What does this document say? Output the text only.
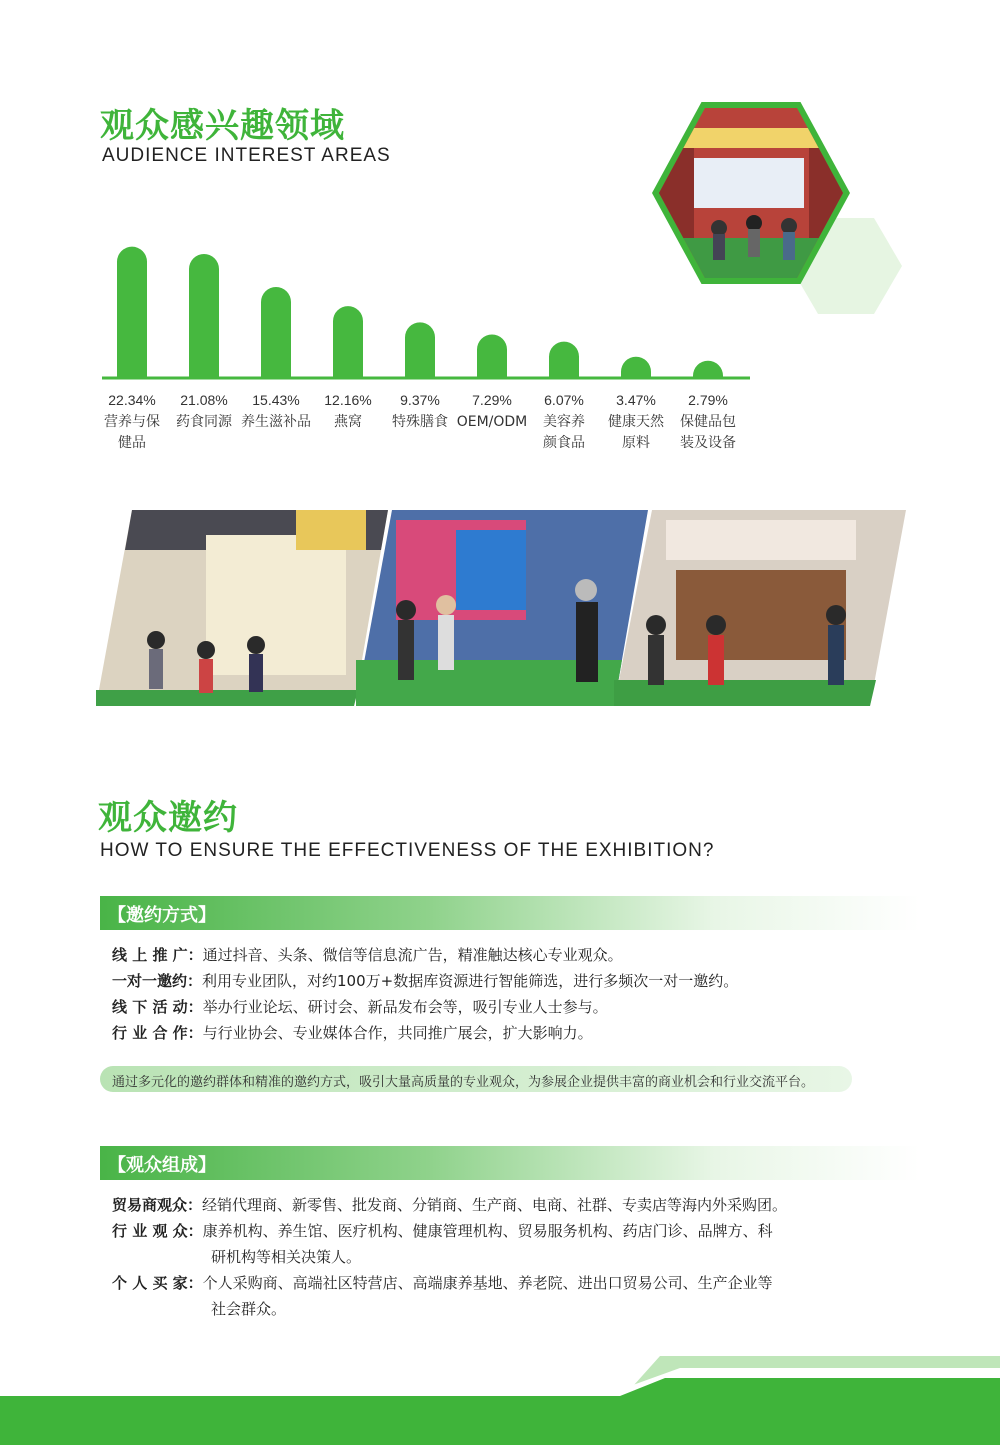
观众感兴趣领域
AUDIENCE INTEREST AREAS
22.34%
营养与保
健品
21.08%
药食同源
15.43%
养生滋补品
12.16%
燕窝
9.37%
特殊膳食
7.29%
OEM/ODM
6.07%
美容养
颜食品
3.47%
健康天然
原料
2.79%
保健品包
装及设备
观众邀约
HOW TO ENSURE THE EFFECTIVENESS OF THE EXHIBITION?
【邀约方式】
线 上 推 广：通过抖音、头条、微信等信息流广告，精准触达核心专业观众。
一对一邀约：利用专业团队，对约100万+数据库资源进行智能筛选，进行多频次一对一邀约。
线 下 活 动：举办行业论坛、研讨会、新品发布会等，吸引专业人士参与。
行 业 合 作：与行业协会、专业媒体合作，共同推广展会，扩大影响力。
通过多元化的邀约群体和精准的邀约方式，吸引大量高质量的专业观众，为参展企业提供丰富的商业机会和行业交流平台。
【观众组成】
贸易商观众：经销代理商、新零售、批发商、分销商、生产商、电商、社群、专卖店等海内外采购团。
行 业 观 众：康养机构、养生馆、医疗机构、健康管理机构、贸易服务机构、药店门诊、品牌方、科
研机构等相关决策人。
个 人 买 家：个人采购商、高端社区特营店、高端康养基地、养老院、进出口贸易公司、生产企业等
社会群众。
